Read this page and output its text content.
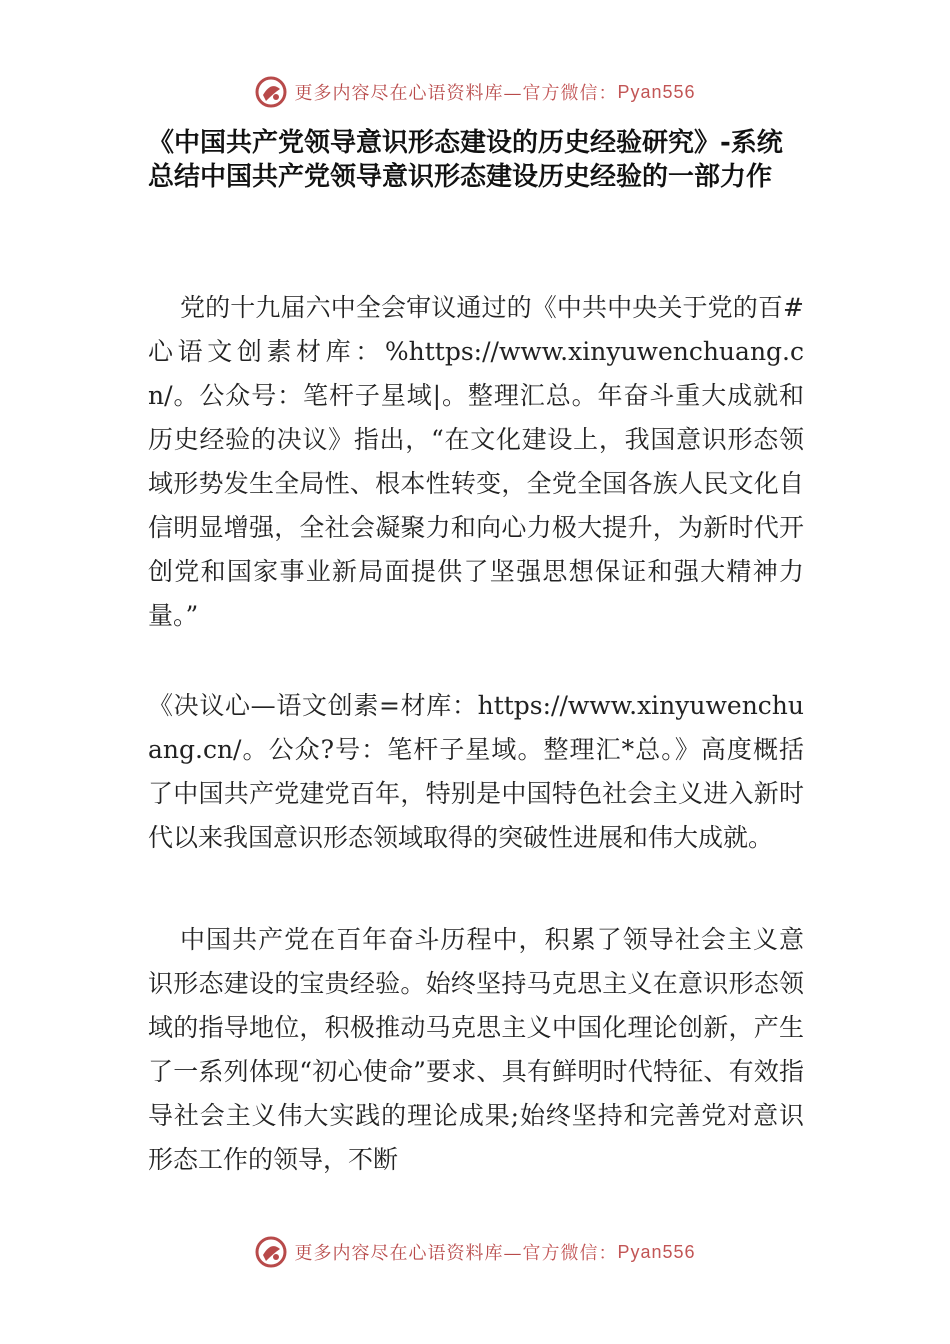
更多内容尽在心语资料库— 官方微信： Pyan556
《中国共产党领导意识形态建设的历史经验研究》-系统总结中国共产党领导意识形态建设历史经验的一部力作

党的十九届六中全会审议通过的《中共中央关于党的百#心语文创素材库：%https://www.xinyuwenchuang.cn/。公众号：笔杆子星域|。整理汇总。年奋斗重大成就和历史经验的决议》指出，“在文化建设上，我国意识形态领域形势发生全局性、根本性转变，全党全国各族人民文化自信明显增强，全社会凝聚力和向心力极大提升，为新时代开创党和国家事业新局面提供了坚强思想保证和强大精神力量。”

《决议心—语文创素=材库：https://www.xinyuwenchuang.cn/。公众?号：笔杆子星域。整理汇*总。》高度概括了中国共产党建党百年，特别是中国特色社会主义进入新时代以来我国意识形态领域取得的突破性进展和伟大成就。

中国共产党在百年奋斗历程中，积累了领导社会主义意识形态建设的宝贵经验。始终坚持马克思主义在意识形态领域的指导地位，积极推动马克思主义中国化理论创新，产生了一系列体现“初心使命”要求、具有鲜明时代特征、有效指导社会主义伟大实践的理论成果;始终坚持和完善党对意识形态工作的领导，不断

更多内容尽在心语资料库— 官方微信： Pyan556
